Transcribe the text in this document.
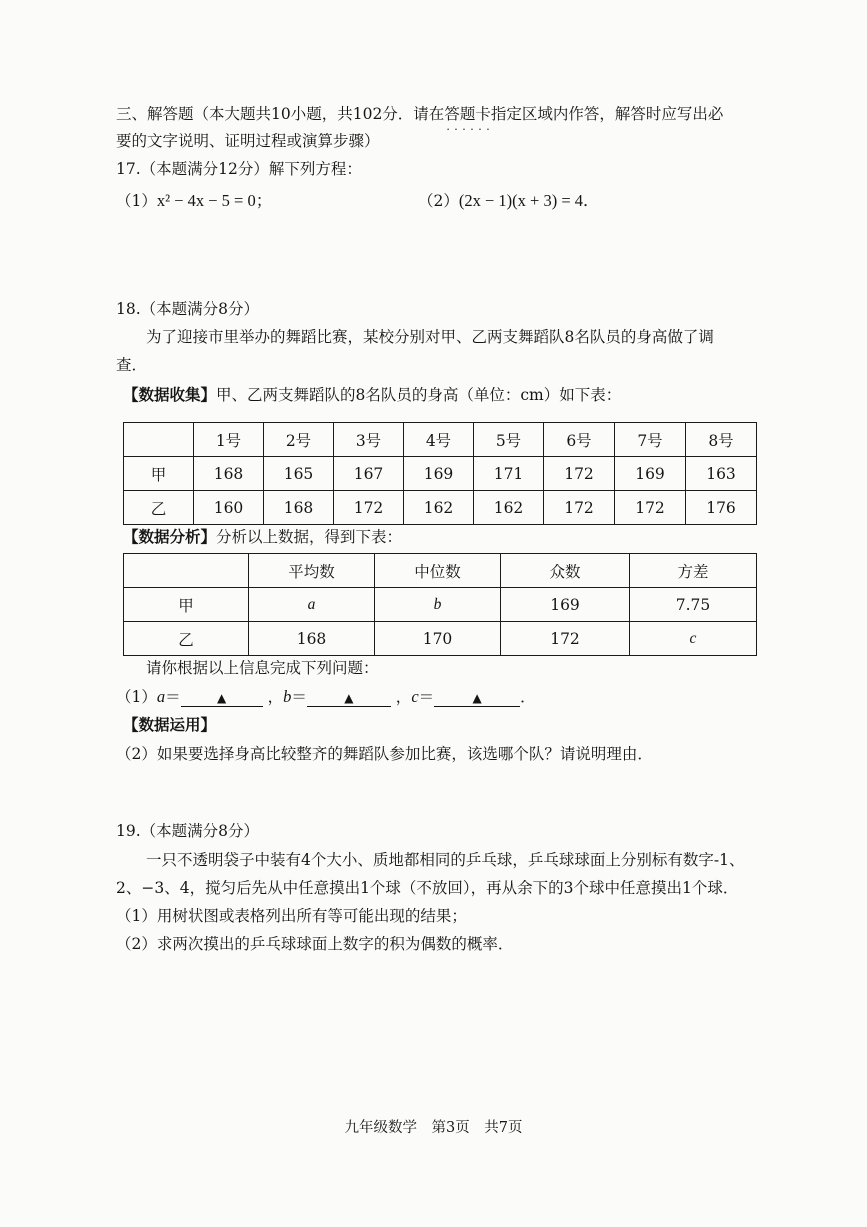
三、解答题（本大题共10小题，共102分．请在答题卡指定区域内 · · ·作答，解答时应写出必
要的文字说明、证明过程或演算步骤）
17.（本题满分12分）解下列方程：
（1）x² − 4x − 5 = 0；	（2）(2x − 1)(x + 3) = 4．
18.（本题满分8分）
为了迎接市里举办的舞蹈比赛，某校分别对甲、乙两支舞蹈队8名队员的身高做了调
查．
【数据收集】甲、乙两支舞蹈队的8名队员的身高（单位：cm）如下表：
	1号	2号	3号	4号	5号	6号	7号	8号
甲	168	165	167	169	171	172	169	163
乙	160	168	172	162	162	172	172	176
【数据分析】分析以上数据，得到下表：
	平均数	中位数	众数	方差
甲	a	b	169	7.75
乙	168	170	172	c
请你根据以上信息完成下列问题：
（1）a＝	▲	，b＝	▲	，c＝	▲ ．
【数据运用】
（2）如果要选择身高比较整齐的舞蹈队参加比赛，该选哪个队？请说明理由．
19.（本题满分8分）
一只不透明袋子中装有4个大小、质地都相同的乒乓球，乒乓球球面上分别标有数字-1、
2、−3、4，搅匀后先从中任意摸出1个球（不放回），再从余下的3个球中任意摸出1个球．
（1）用树状图或表格列出所有等可能出现的结果；
（2）求两次摸出的乒乓球球面上数字的积为偶数的概率．
九年级数学　第3页　共7页
